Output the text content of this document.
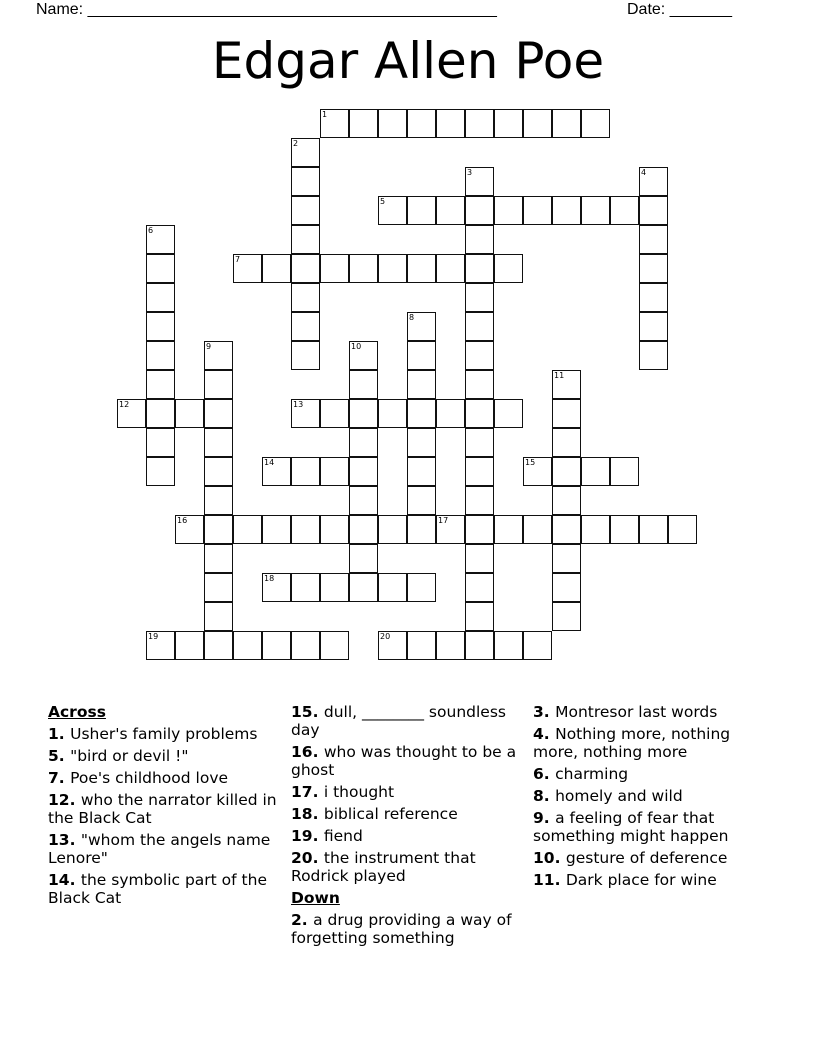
Name: ______________________________________________	Date: _______
Edgar Allen Poe
1
5
7
12	13
14	15
16	17
18
19	20
2
3	4
6
8
9	10
11
Across
1. Usher's family problems
5. "bird or devil !"
7. Poe's childhood love
12. who the narrator killed in the Black Cat
13. "whom the angels name Lenore"
14. the symbolic part of the Black Cat
15. dull, ________ soundless day
16. who was thought to be a ghost
17. i thought
18. biblical reference
19. fiend
20. the instrument that Rodrick played
Down
2. a drug providing a way of forgetting something
3. Montresor last words
4. Nothing more, nothing more, nothing more
6. charming
8. homely and wild
9. a feeling of fear that something might happen
10. gesture of deference
11. Dark place for wine
